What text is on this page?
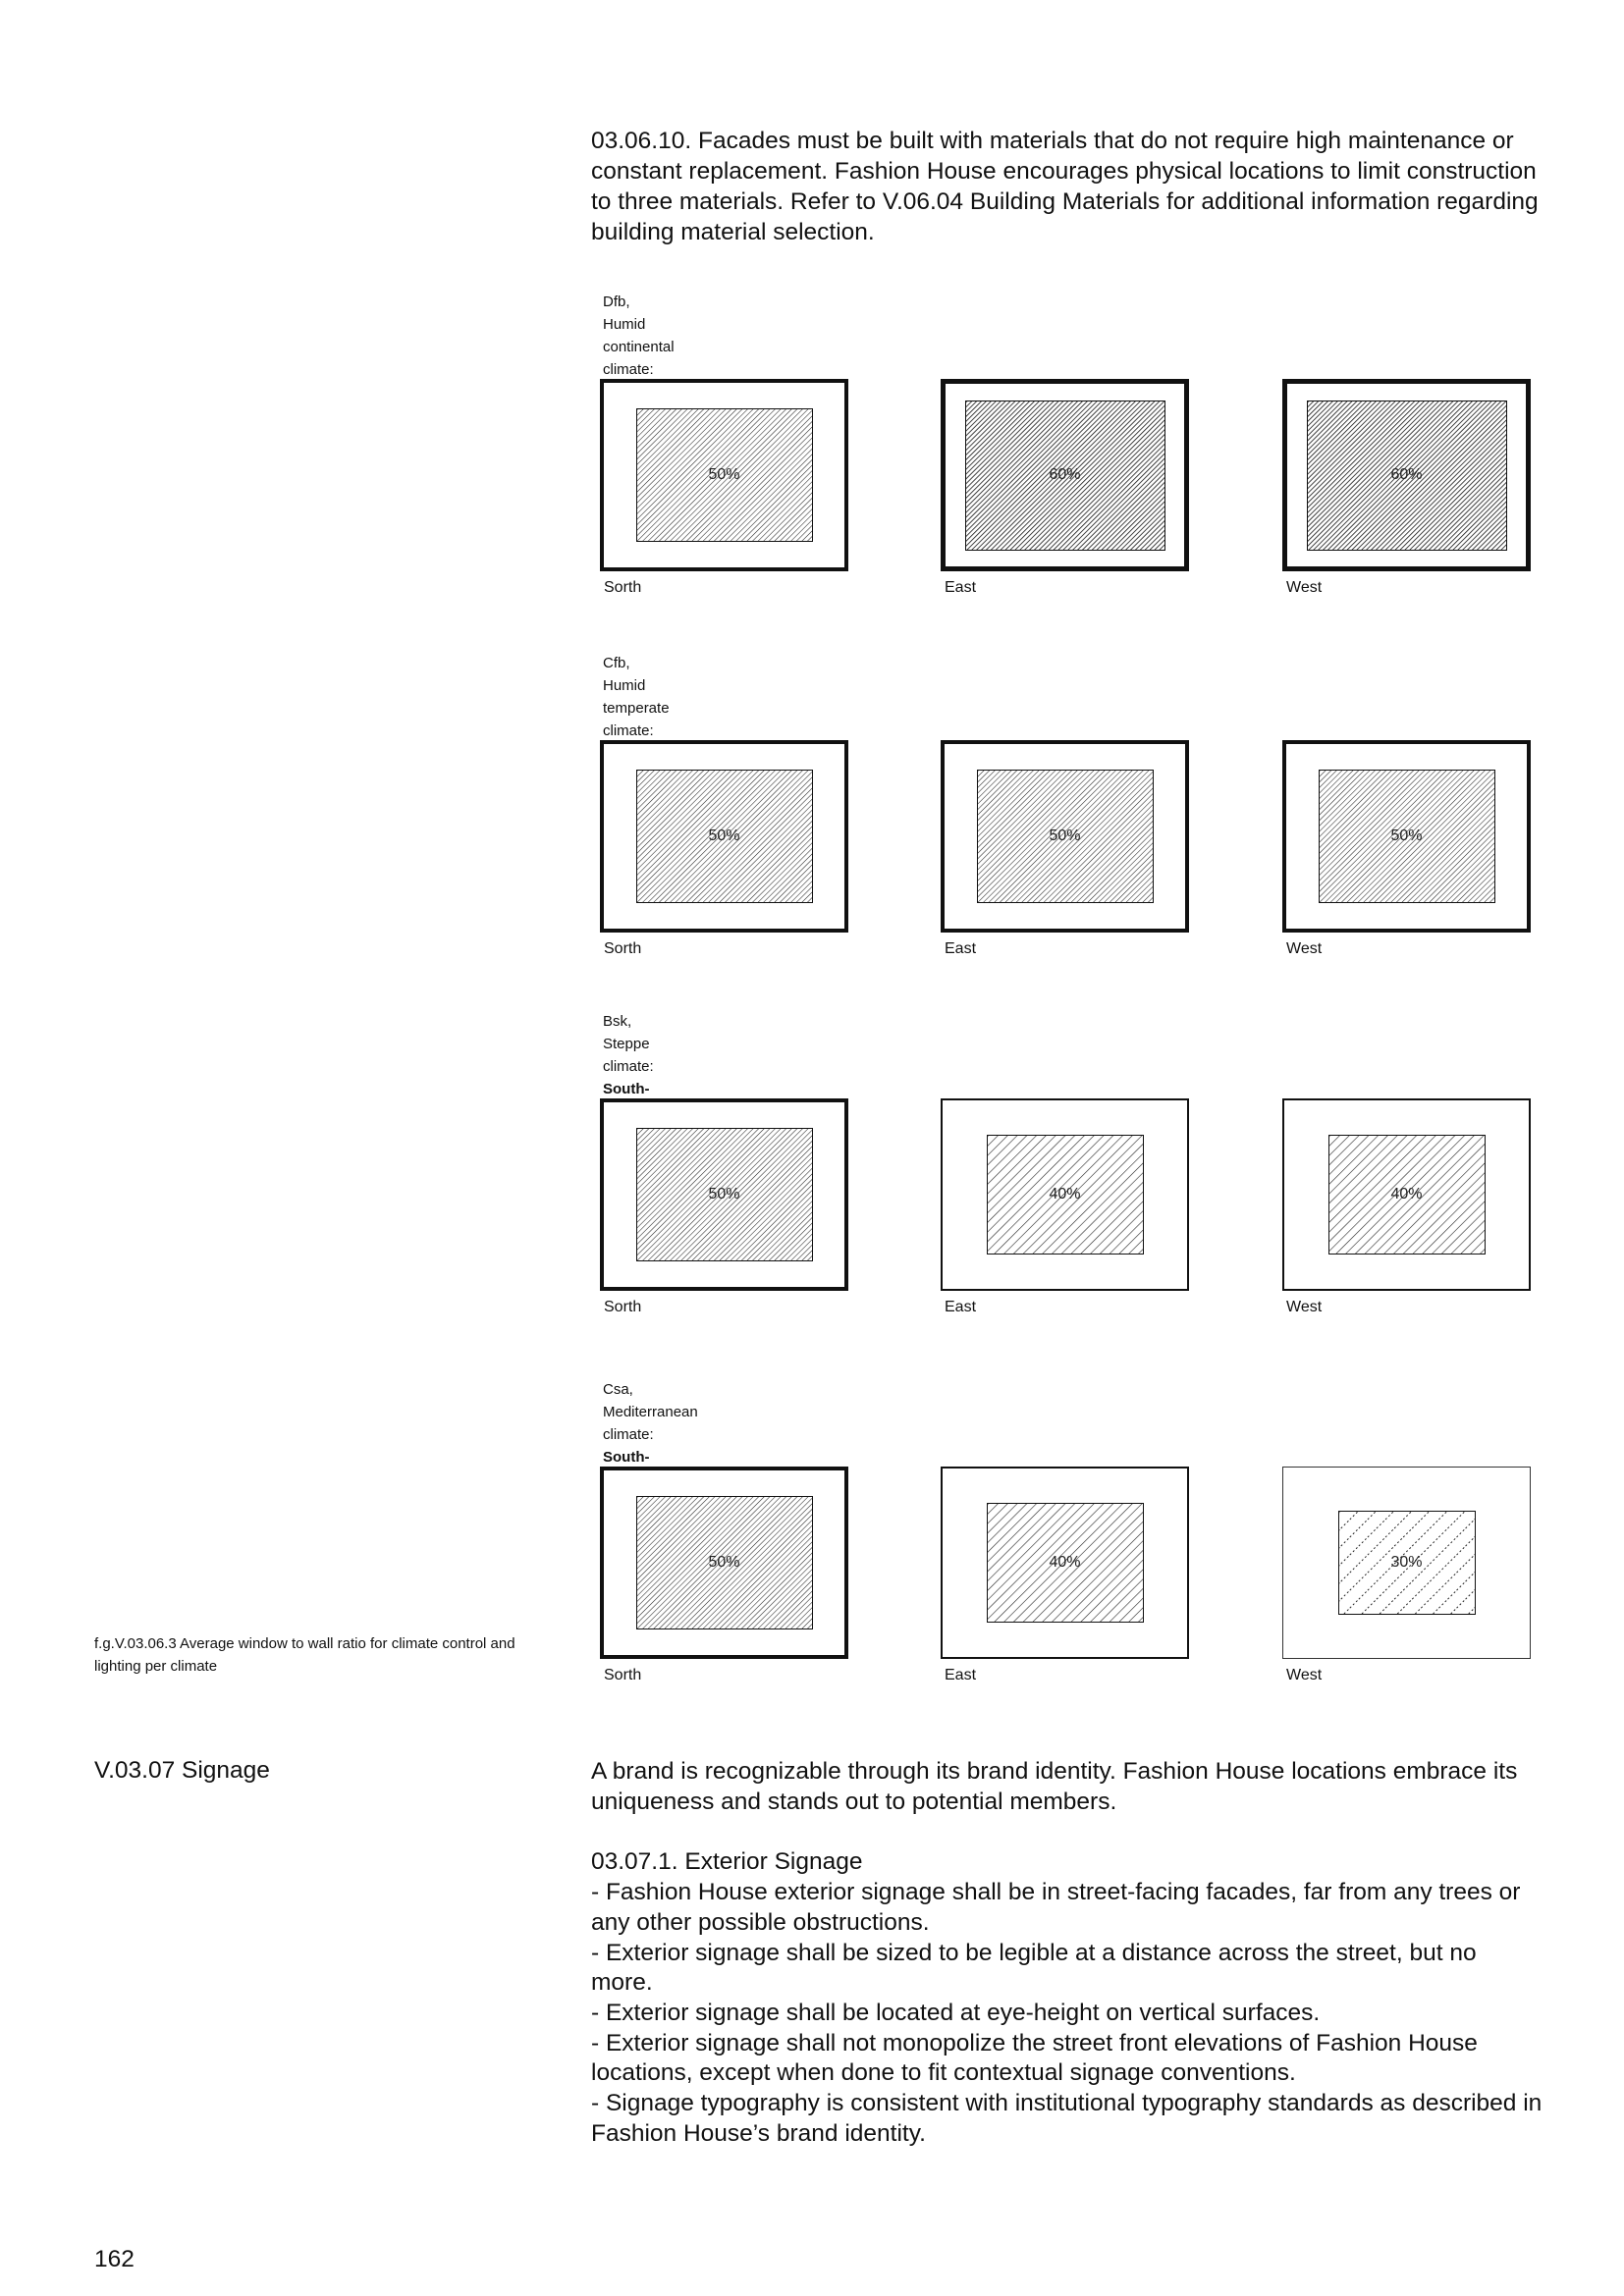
03.06.10. Facades must be built with materials that do not require high maintenance or constant replacement. Fashion House encourages physical locations to limit construction to three materials. Refer to V.06.04 Building Materials for additional information regarding building material selection.

Dfb, Humid continental climate:
50%
Sorth
60%
East
60%
West
Cfb, Humid temperate climate:
50%
Sorth
50%
East
50%
West
Bsk, Steppe climate:
South-
50%
Sorth
40%
East
40%
West
Csa, Mediterranean climate:
South-
50%
Sorth
40%
East
30%
West
f.g.V.03.06.3 Average window to wall ratio for climate control and lighting per climate
V.03.07 Signage	A brand is recognizable through its brand identity. Fashion House locations embrace its uniqueness and stands out to potential members.

03.07.1. Exterior Signage

- Fashion House exterior signage shall be in street-facing facades, far from any trees or any other possible obstructions.

- Exterior signage shall be sized to be legible at a distance across the street, but no more.

- Exterior signage shall be located at eye-height on vertical surfaces.

- Exterior signage shall not monopolize the street front elevations of Fashion House locations, except when done to fit contextual signage conventions.

- Signage typography is consistent with institutional typography standards as described in Fashion House’s brand identity.

162
